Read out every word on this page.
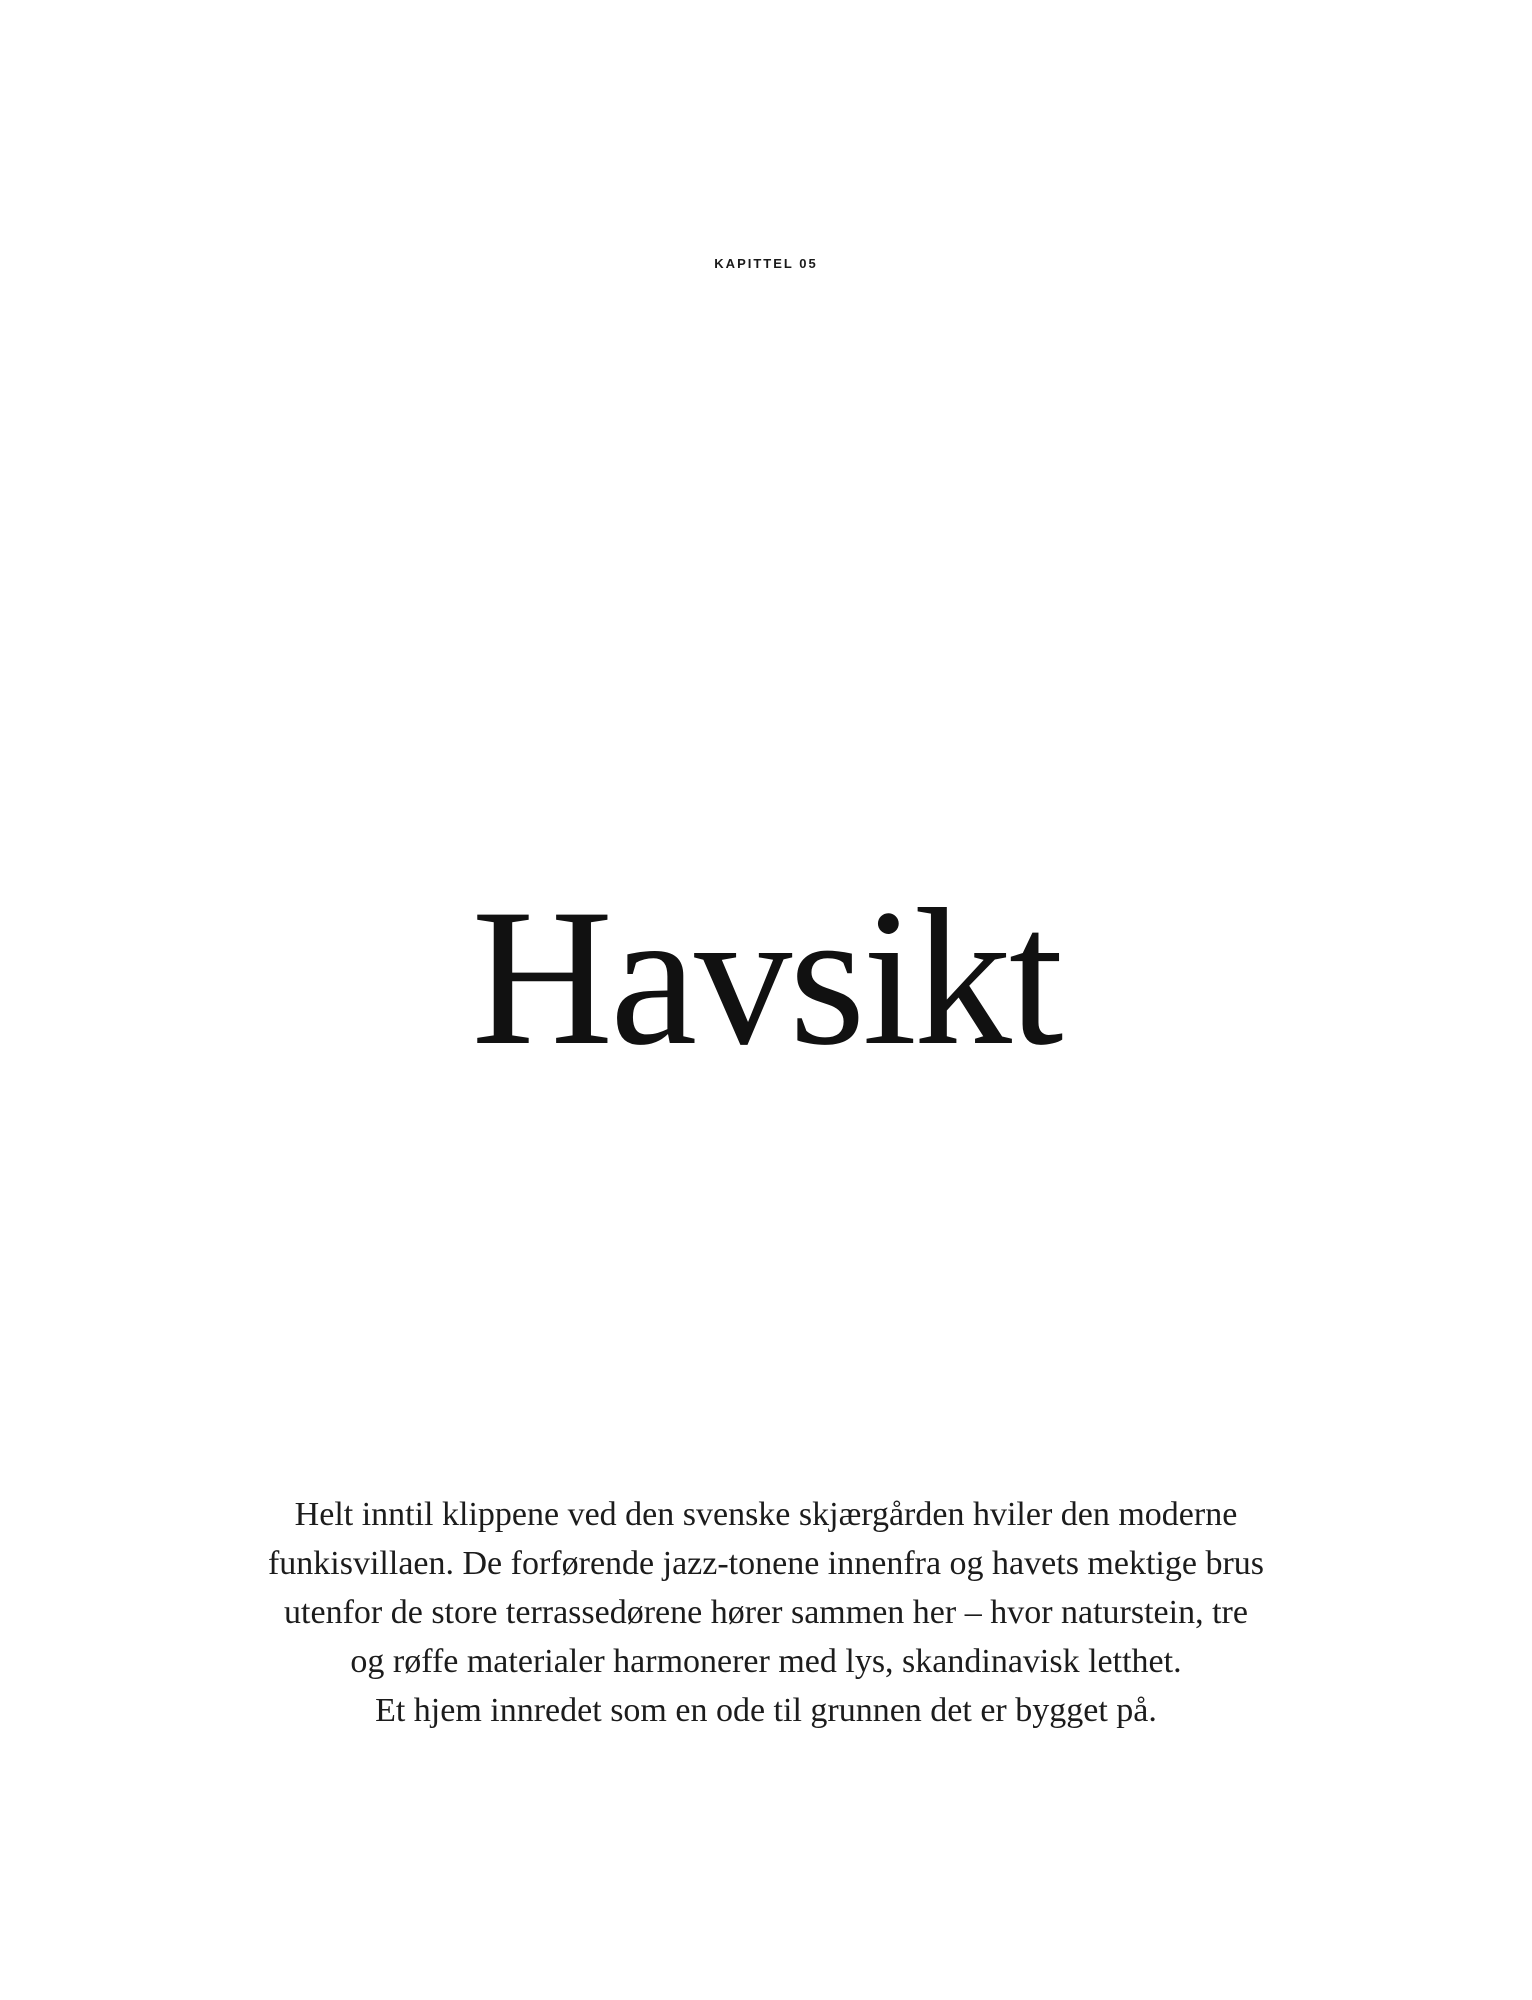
KAPITTEL 05
Havsikt
Helt inntil klippene ved den svenske skjærgården hviler den moderne
funkisvillaen. De forførende jazz-tonene innenfra og havets mektige brus
utenfor de store terrassedørene hører sammen her – hvor naturstein, tre
og røffe materialer harmonerer med lys, skandinavisk letthet.
Et hjem innredet som en ode til grunnen det er bygget på.
